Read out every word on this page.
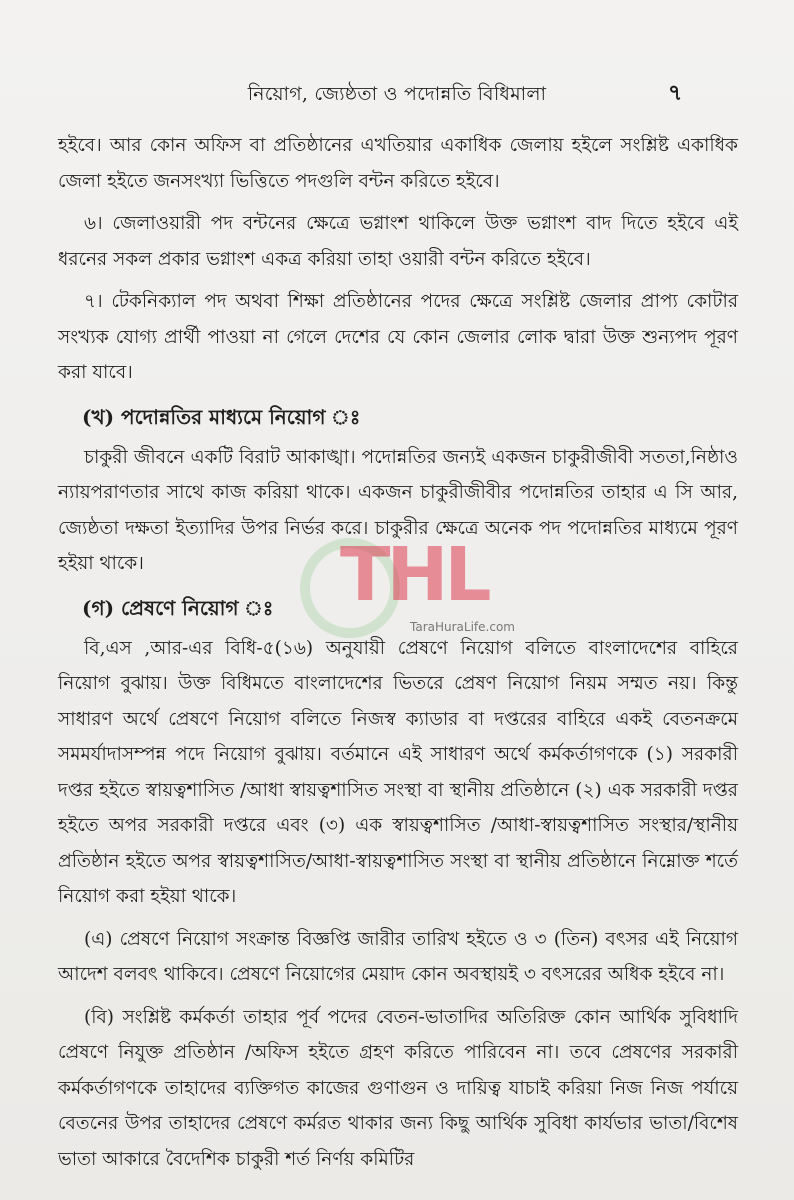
নিয়োগ, জ্যেষ্ঠতা ও পদোন্নতি বিধিমালা	৭

হইবে। আর কোন অফিস বা প্রতিষ্ঠানের এখতিয়ার একাধিক জেলায় হইলে সংশ্লিষ্ট একাধিক জেলা হইতে জনসংখ্যা ভিত্তিতে পদগুলি বন্টন করিতে হইবে।

৬। জেলাওয়ারী পদ বন্টনের ক্ষেত্রে ভগ্নাংশ থাকিলে উক্ত ভগ্নাংশ বাদ দিতে হইবে এই ধরনের সকল প্রকার ভগ্নাংশ একত্র করিয়া তাহা ওয়ারী বন্টন করিতে হইবে।

৭। টেকনিক্যাল পদ অথবা শিক্ষা প্রতিষ্ঠানের পদের ক্ষেত্রে সংশ্লিষ্ট জেলার প্রাপ্য কোটার সংখ্যক যোগ্য প্রার্থী পাওয়া না গেলে দেশের যে কোন জেলার লোক দ্বারা উক্ত শুন্যপদ পূরণ করা যাবে।

(খ) পদোন্নতির মাধ্যমে নিয়োগ ঃ

চাকুরী জীবনে একটি বিরাট আকাঙ্খা। পদোন্নতির জন্যই একজন চাকুরীজীবী সততা,নিষ্ঠাও ন্যায়পরাণতার সাথে কাজ করিয়া থাকে। একজন চাকুরীজীবীর পদোন্নতির তাহার এ সি আর, জ্যেষ্ঠতা দক্ষতা ইত্যাদির উপর নির্ভর করে। চাকুরীর ক্ষেত্রে অনেক পদ পদোন্নতির মাধ্যমে পূরণ হইয়া থাকে।

(গ) প্রেষণে নিয়োগ ঃ

বি,এস ,আর-এর বিধি-৫(১৬) অনুযায়ী প্রেষণে নিয়োগ বলিতে বাংলাদেশের বাহিরে নিয়োগ বুঝায়। উক্ত বিধিমতে বাংলাদেশের ভিতরে প্রেষণ নিয়োগ নিয়ম সম্মত নয়। কিন্তু সাধারণ অর্থে প্রেষণে নিয়োগ বলিতে নিজস্ব ক্যাডার বা দপ্তরের বাহিরে একই বেতনক্রমে সমমর্যাদাসম্পন্ন পদে নিয়োগ বুঝায়। বর্তমানে এই সাধারণ অর্থে কর্মকর্তাগণকে (১) সরকারী দপ্তর হইতে স্বায়ত্বশাসিত /আধা স্বায়ত্বশাসিত সংস্থা বা স্থানীয় প্রতিষ্ঠানে (২) এক সরকারী দপ্তর হইতে অপর সরকারী দপ্তরে এবং (৩) এক স্বায়ত্বশাসিত /আধা-স্বায়ত্বশাসিত সংস্থার/স্থানীয় প্রতিষ্ঠান হইতে অপর স্বায়ত্বশাসিত/আধা-স্বায়ত্বশাসিত সংস্থা বা স্থানীয় প্রতিষ্ঠানে নিম্নোক্ত শর্তে নিয়োগ করা হইয়া থাকে।

(এ) প্রেষণে নিয়োগ সংক্রান্ত বিজ্ঞপ্তি জারীর তারিখ হইতে ও ৩ (তিন) বৎসর এই নিয়োগ আদেশ বলবৎ থাকিবে। প্রেষণে নিয়োগের মেয়াদ কোন অবস্থায়ই ৩ বৎসরের অধিক হইবে না।

(বি) সংশ্লিষ্ট কর্মকর্তা তাহার পূর্ব পদের বেতন-ভাতাদির অতিরিক্ত কোন আর্থিক সুবিধাদি প্রেষণে নিযুক্ত প্রতিষ্ঠান /অফিস হইতে গ্রহণ করিতে পারিবেন না। তবে প্রেষণের সরকারী কর্মকর্তাগণকে তাহাদের ব্যক্তিগত কাজের গুণাগুন ও দায়িত্ব যাচাই করিয়া নিজ নিজ পর্যায়ে বেতনের উপর তাহাদের প্রেষণে কর্মরত থাকার জন্য কিছু আর্থিক সুবিধা কার্যভার ভাতা/বিশেষ ভাতা আকারে বৈদেশিক চাকুরী শর্ত নির্ণয় কমিটির

THL
TaraHuraLife.com
